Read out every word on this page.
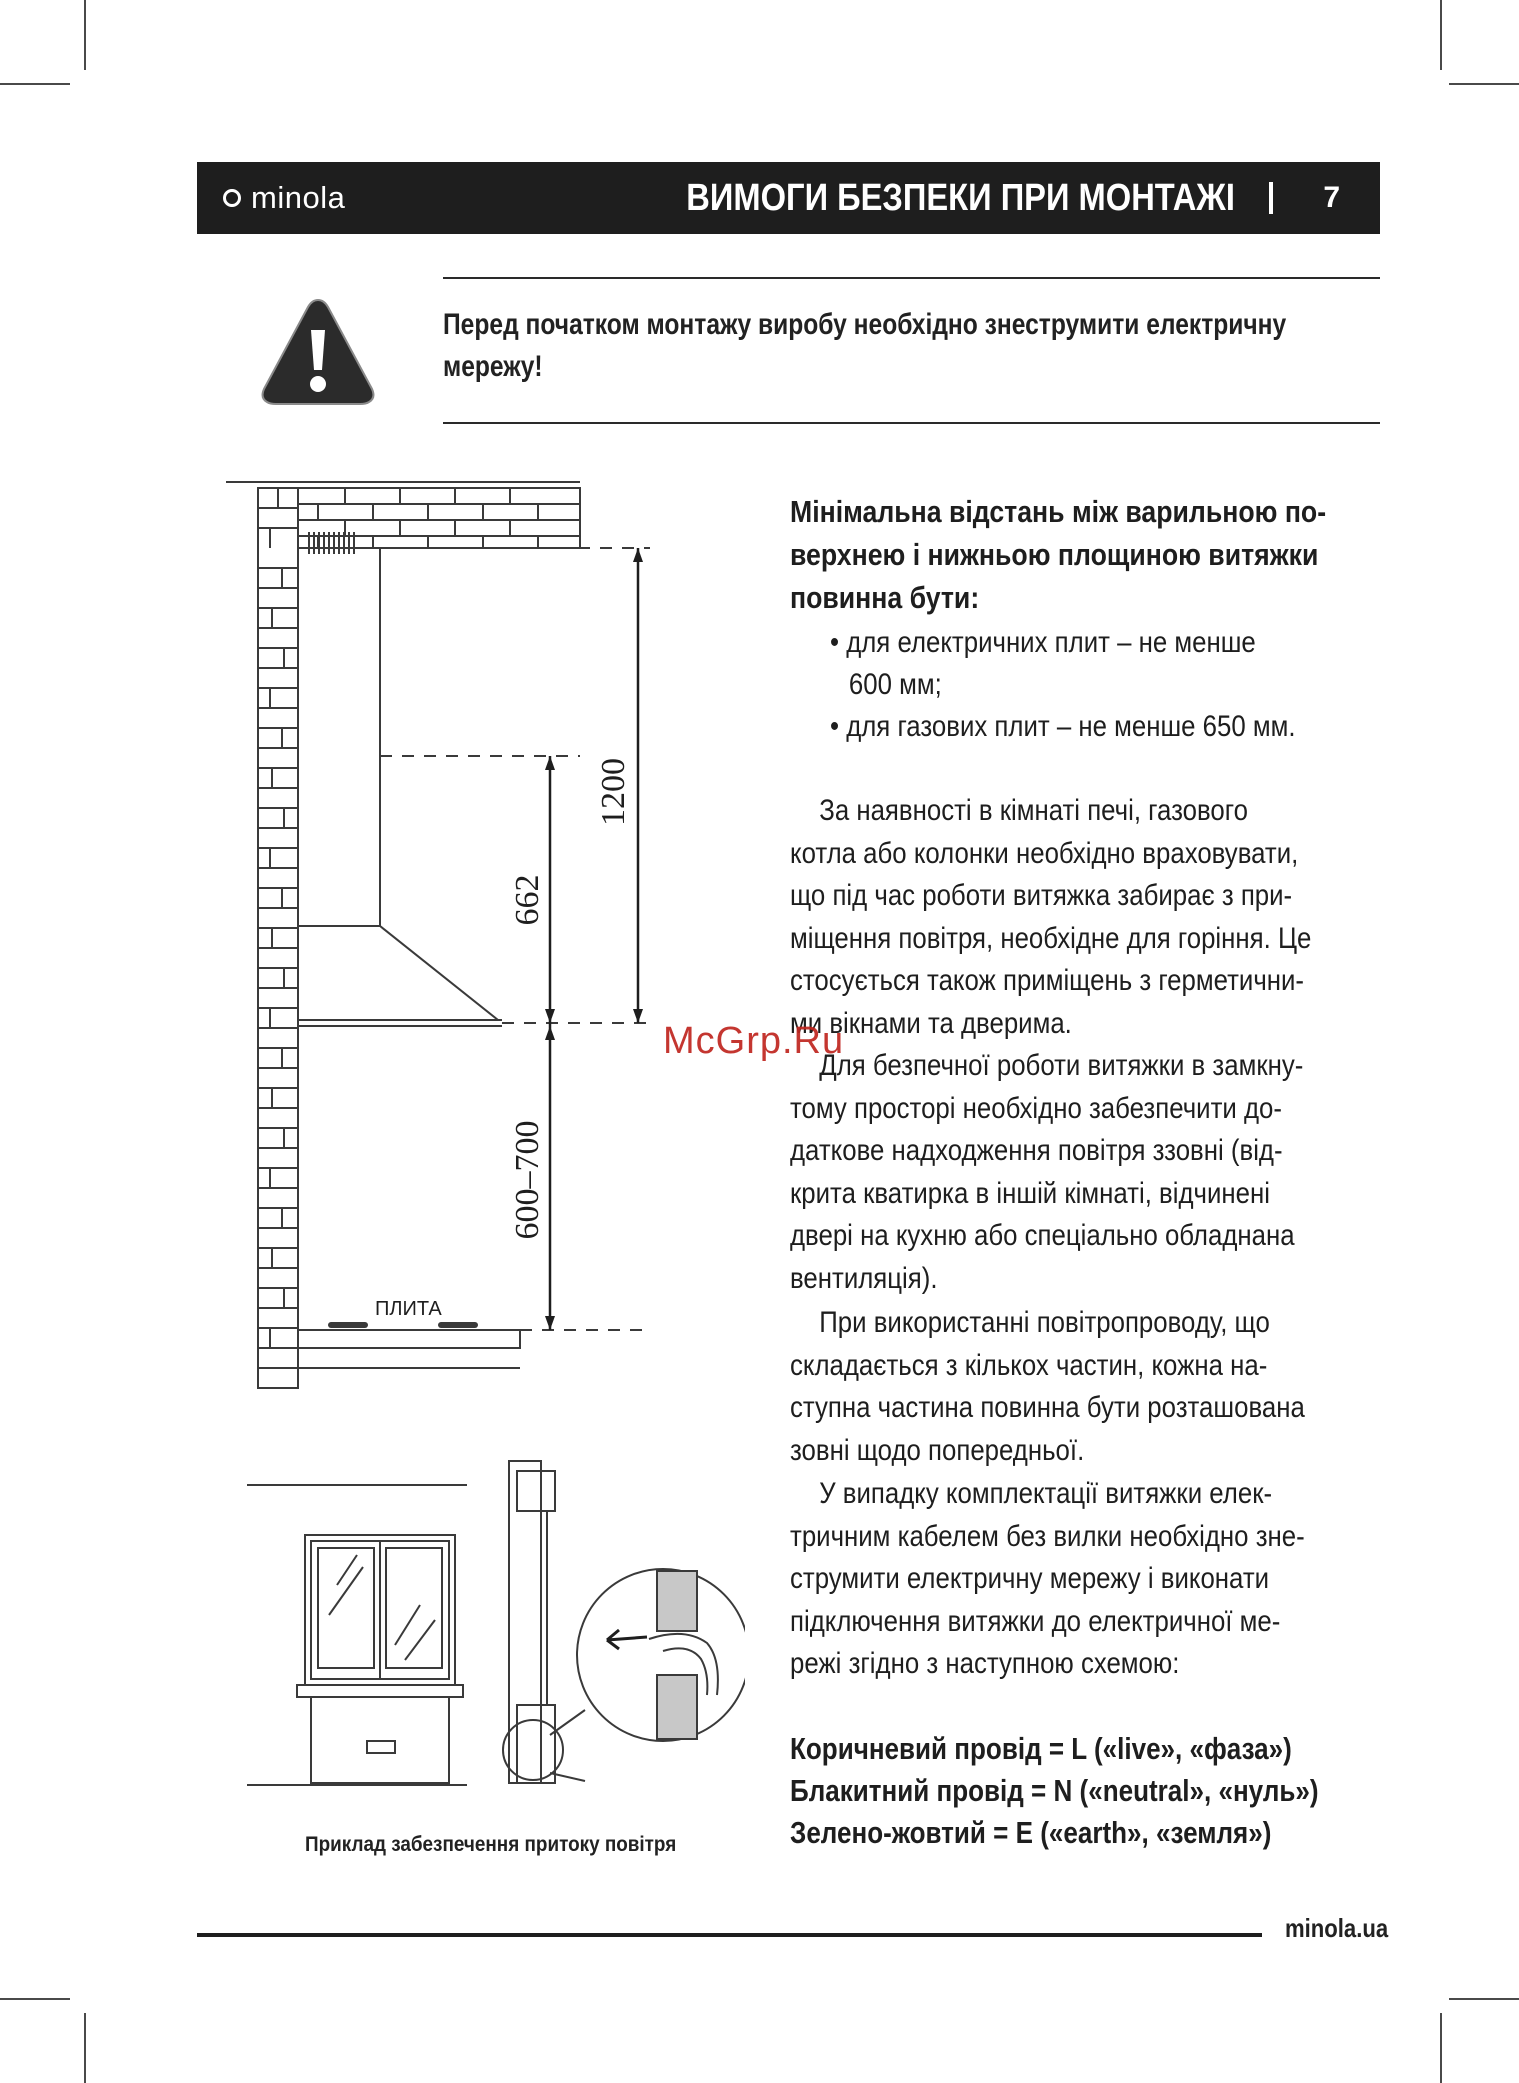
minola	ВИМОГИ БЕЗПЕКИ ПРИ МОНТАЖІ	7
Перед початком монтажу виробу необхідно знеструмити електричну
мережу!
1200
662
600–700
ПЛИТА
Приклад забезпечення притоку повітря
Мінімальна відстань між варильною по-
верхнею і нижньою площиною витяжки
повинна бути:
• для електричних плит – не менше
600 мм;
• для газових плит – не менше 650 мм.
За наявності в кімнаті печі, газового
котла або колонки необхідно враховувати,
що під час роботи витяжка забирає з при-
міщення повітря, необхідне для горіння. Це
стосується також приміщень з герметични-
ми вікнами та дверима.
Для безпечної роботи витяжки в замкну-
тому просторі необхідно забезпечити до-
даткове надходження повітря ззовні (від-
крита кватирка в іншій кімнаті, відчинені
двері на кухню або спеціально обладнана
вентиляція).
При використанні повітропроводу, що
складається з кількох частин, кожна на-
ступна частина повинна бути розташована
зовні щодо попередньої.
У випадку комплектації витяжки елек-
тричним кабелем без вилки необхідно зне-
струмити електричну мережу і виконати
підключення витяжки до електричної ме-
режі згідно з наступною схемою:
Коричневий провід = L («live», «фаза»)
Блакитний провід = N («neutral», «нуль»)
Зелено-жовтий = E («earth», «земля»)
McGrp.Ru
minola.ua
